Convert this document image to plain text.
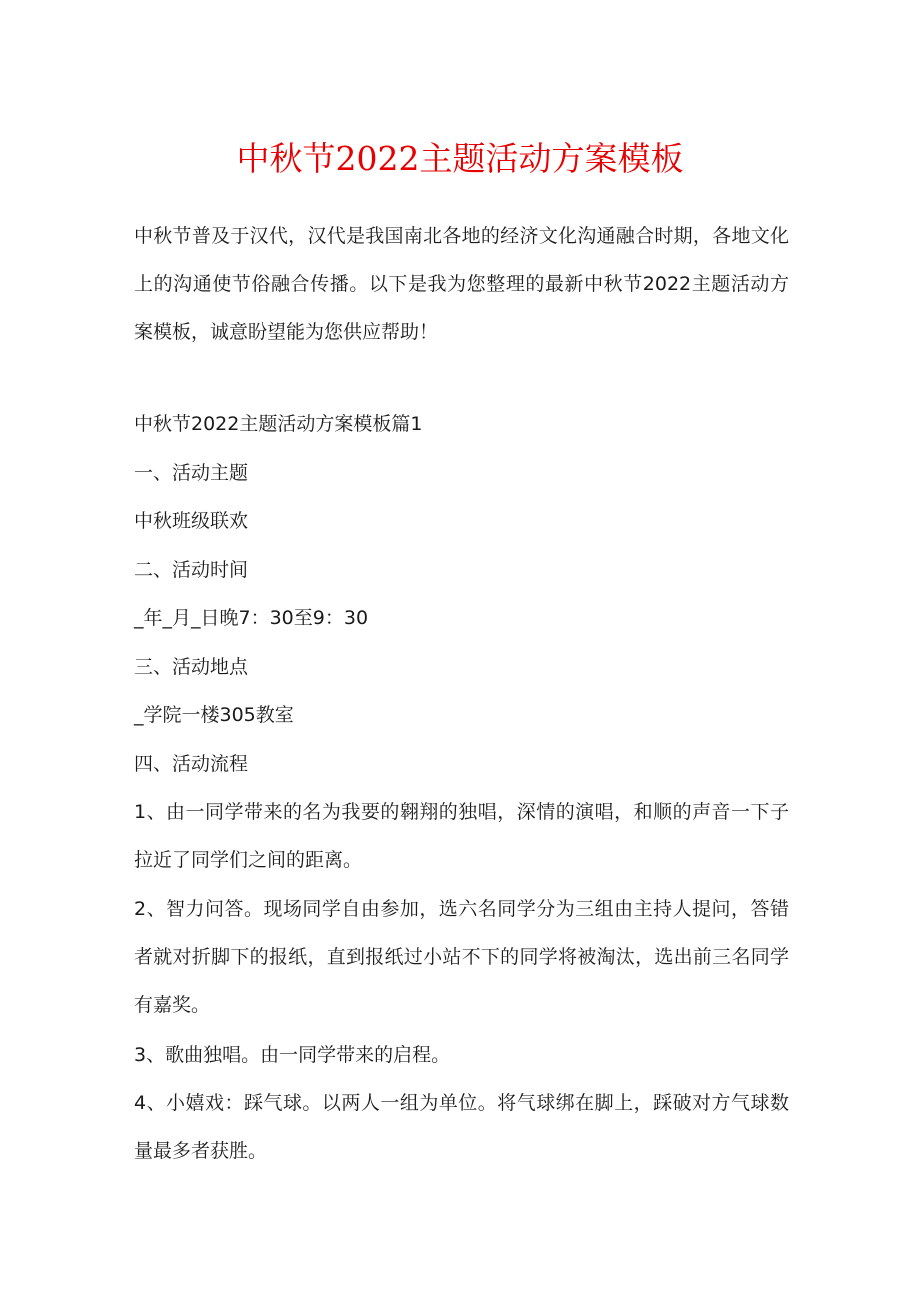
中秋节2022主题活动方案模板

中秋节普及于汉代，汉代是我国南北各地的经济文化沟通融合时期，各地文化上的沟通使节俗融合传播。以下是我为您整理的最新中秋节2022主题活动方案模板，诚意盼望能为您供应帮助！

中秋节2022主题活动方案模板篇1

一、活动主题

中秋班级联欢

二、活动时间

_年_月_日晚7：30至9：30

三、活动地点

_学院一楼305教室

四、活动流程

1、由一同学带来的名为我要的翱翔的独唱，深情的演唱，和顺的声音一下子拉近了同学们之间的距离。

2、智力问答。现场同学自由参加，选六名同学分为三组由主持人提问，答错者就对折脚下的报纸，直到报纸过小站不下的同学将被淘汰，选出前三名同学有嘉奖。

3、歌曲独唱。由一同学带来的启程。

4、小嬉戏：踩气球。以两人一组为单位。将气球绑在脚上，踩破对方气球数量最多者获胜。
